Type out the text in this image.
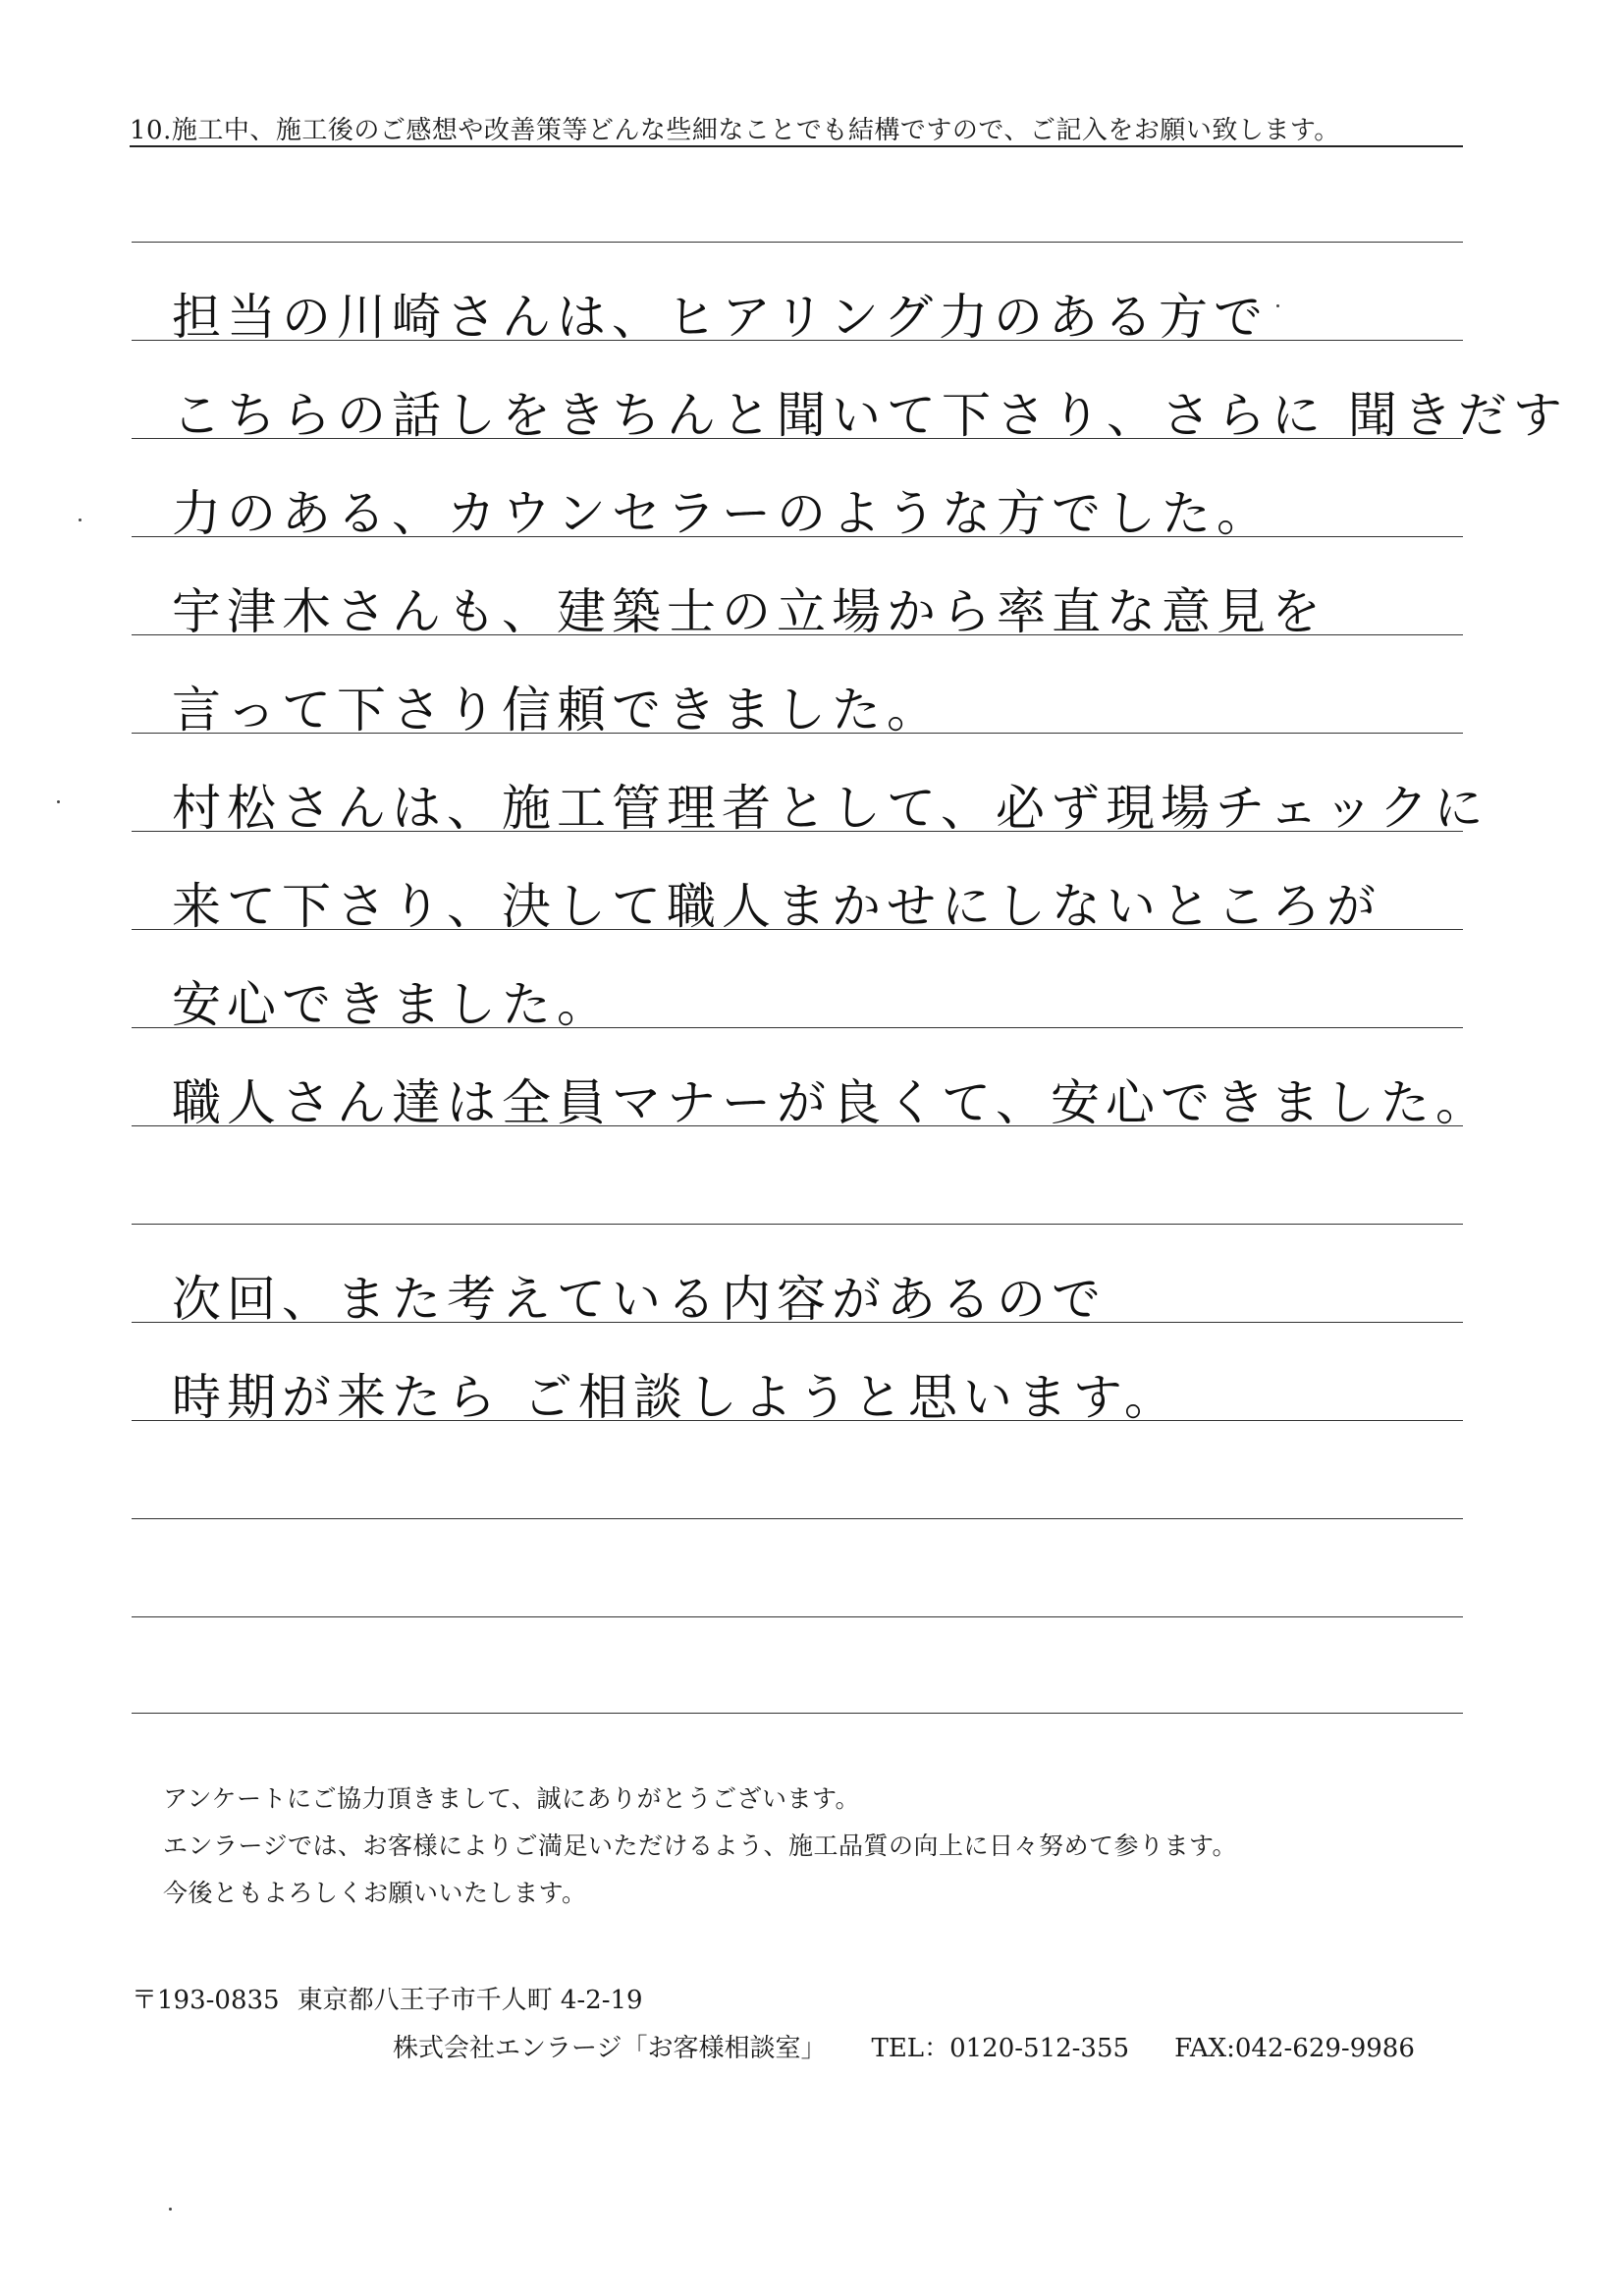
10.施工中、施工後のご感想や改善策等どんな些細なことでも結構ですので、ご記入をお願い致します。
担当の川崎さんは、ヒアリング力のある方で
こちらの話しをきちんと聞いて下さり、さらに 聞きだす
力のある、カウンセラーのような方でした。
宇津木さんも、建築士の立場から率直な意見を
言って下さり信頼できました。
村松さんは、施工管理者として、必ず現場チェックに
来て下さり、決して職人まかせにしないところが
安心できました。
職人さん達は全員マナーが良くて、安心できました。
次回、また考えている内容があるので
時期が来たら ご相談しようと思います。
アンケートにご協力頂きまして、誠にありがとうございます。
エンラージでは、お客様によりご満足いただけるよう、施工品質の向上に日々努めて参ります。
今後ともよろしくお願いいたします。
〒193-0835 東京都八王子市千人町 4-2-19
株式会社エンラージ「お客様相談室」 TEL：0120-512-355 FAX:042-629-9986
